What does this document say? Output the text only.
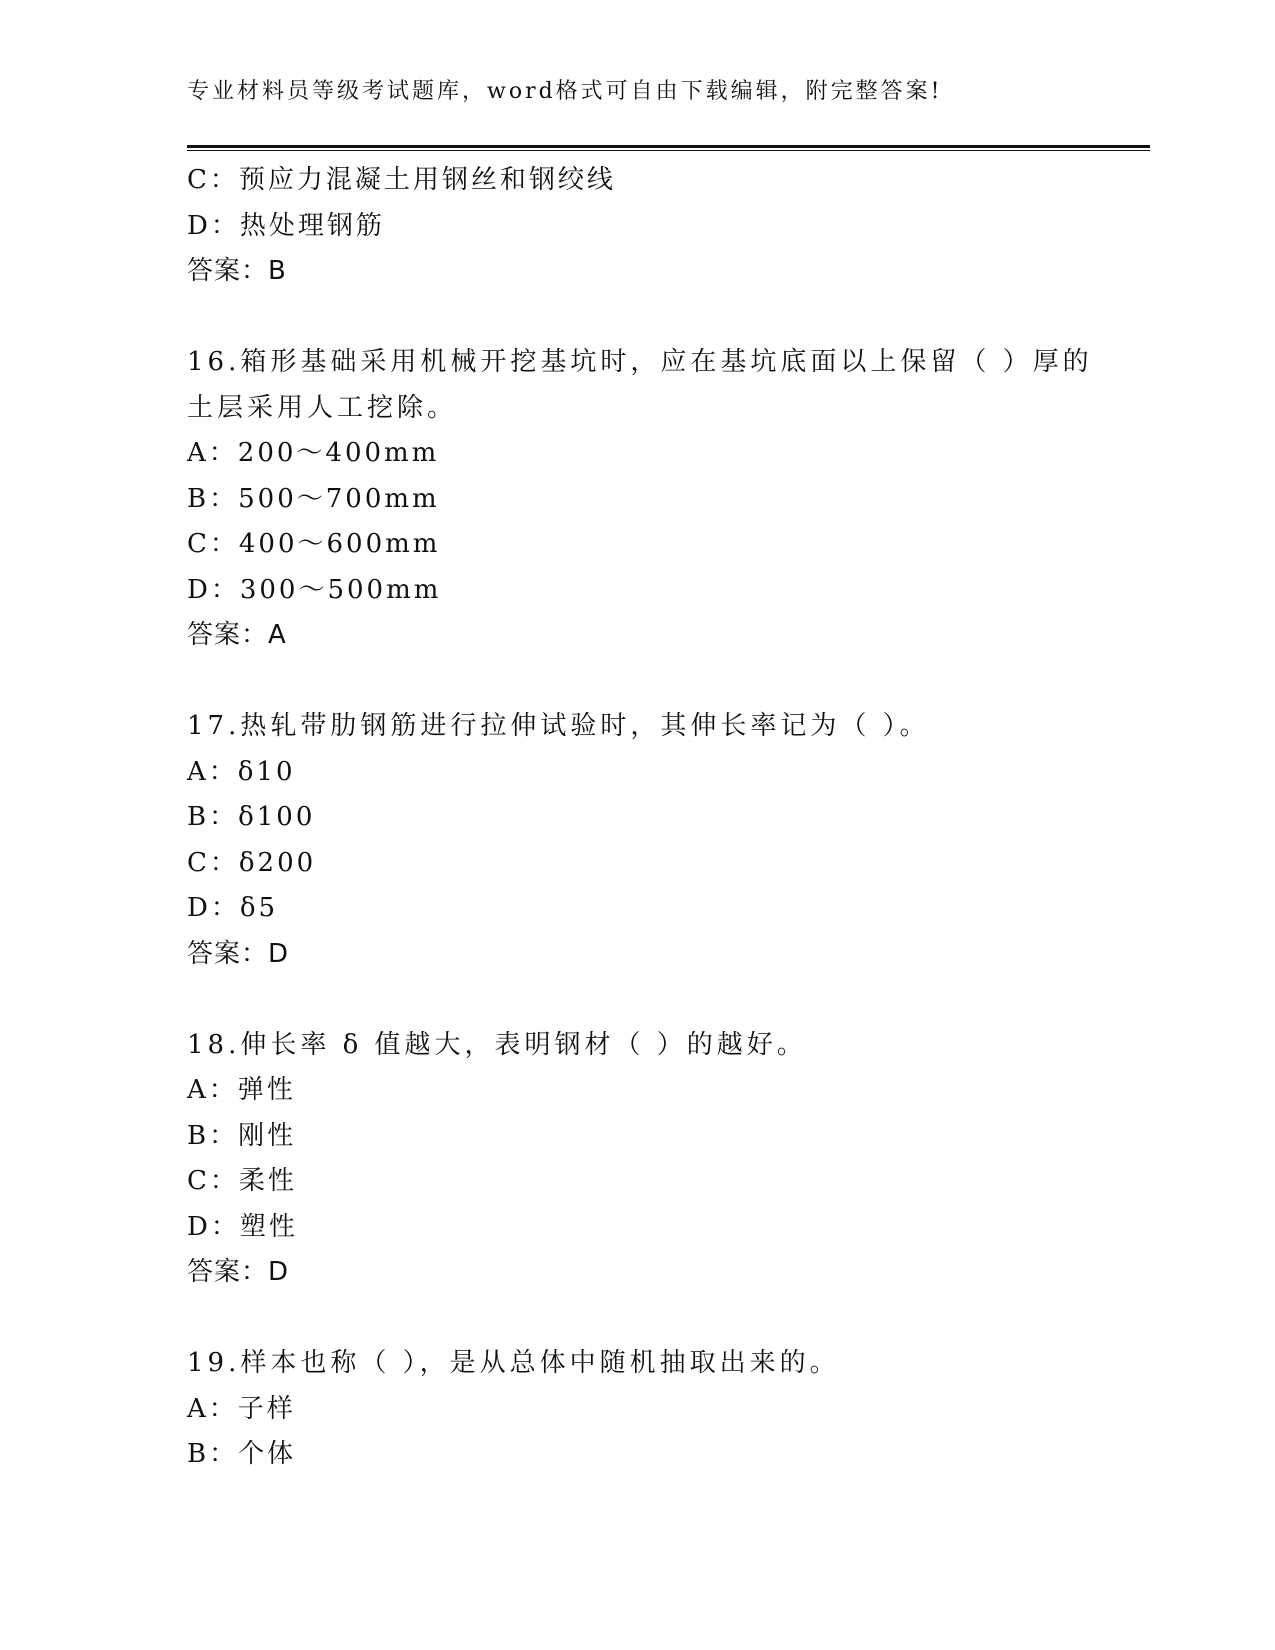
专业材料员等级考试题库，word格式可自由下载编辑，附完整答案!
C：预应力混凝土用钢丝和钢绞线
D：热处理钢筋
答案：B
16.箱形基础采用机械开挖基坑时，应在基坑底面以上保留（ ）厚的
土层采用人工挖除。
A：200～400mm
B：500～700mm
C：400～600mm
D：300～500mm
答案：A
17.热轧带肋钢筋进行拉伸试验时，其伸长率记为（ ）。
A：δ10
B：δ100
C：δ200
D：δ5
答案：D
18.伸长率 δ 值越大，表明钢材（ ）的越好。
A：弹性
B：刚性
C：柔性
D：塑性
答案：D
19.样本也称（ ），是从总体中随机抽取出来的。
A：子样
B：个体
